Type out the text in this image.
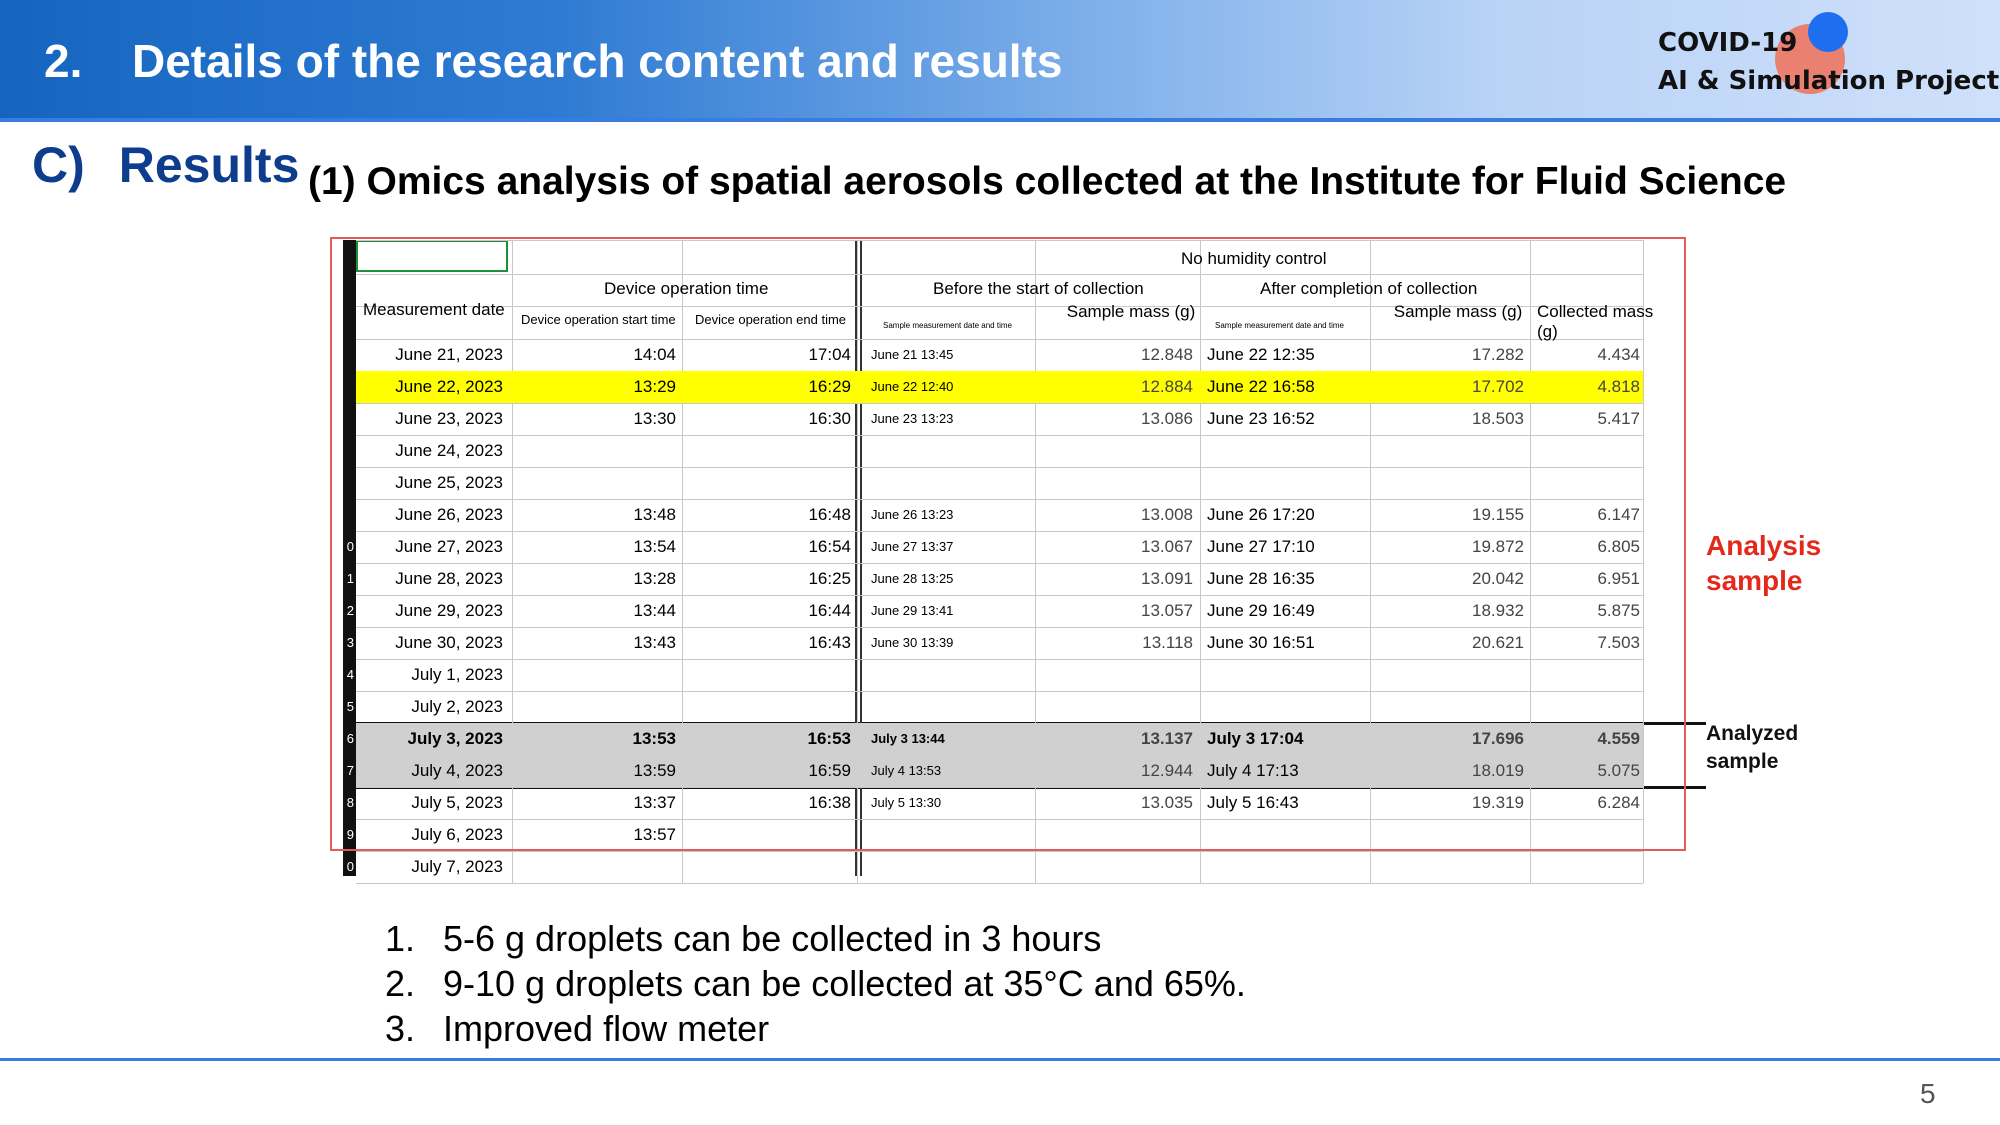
2. Details of the research content and results	COVID-19
AI & Simulation Project
C) Results (1) Omics analysis of spatial aerosols collected at the Institute for Fluid Science
No humidity control
Device operation time	Before the start of collection	After completion of collection
Measurement date
Device operation start time Device operation end time	Sample measurement date and time
Sample mass (g)
Sample measurement date and time
Sample mass (g) Collected mass (g)
June 21, 2023	14:04	17:04 June 21 13:45	12.848 June 22 12:35	17.282	4.434
June 22, 2023	13:29	16:29 June 22 12:40	12.884 June 22 16:58	17.702	4.818
June 23, 2023	13:30	16:30 June 23 13:23	13.086 June 23 16:52	18.503	5.417
June 24, 2023
June 25, 2023
June 26, 2023	13:48	16:48 June 26 13:23	13.008 June 26 17:20	19.155	6.147
0 June 27, 2023	13:54	16:54 June 27 13:37	13.067 June 27 17:10	19.872	6.805
1 June 28, 2023	13:28	16:25 June 28 13:25	13.091 June 28 16:35	20.042	6.951
2 June 29, 2023	13:44	16:44 June 29 13:41	13.057 June 29 16:49	18.932	5.875
3 June 30, 2023	13:43	16:43 June 30 13:39	13.118 June 30 16:51	20.621	7.503
4	July 1, 2023
5	July 2, 2023
6	July 3, 2023	13:53	16:53 July 3 13:44	13.137 July 3 17:04	17.696	4.559
7	July 4, 2023	13:59	16:59 July 4 13:53	12.944 July 4 17:13	18.019	5.075
8	July 5, 2023	13:37	16:38 July 5 13:30	13.035 July 5 16:43	19.319	6.284
9	July 6, 2023	13:57
0	July 7, 2023
Analysis
sample
Analyzed
sample
1. 5-6 g droplets can be collected in 3 hours
2. 9-10 g droplets can be collected at 35°C and 65%.
3. Improved flow meter
5
